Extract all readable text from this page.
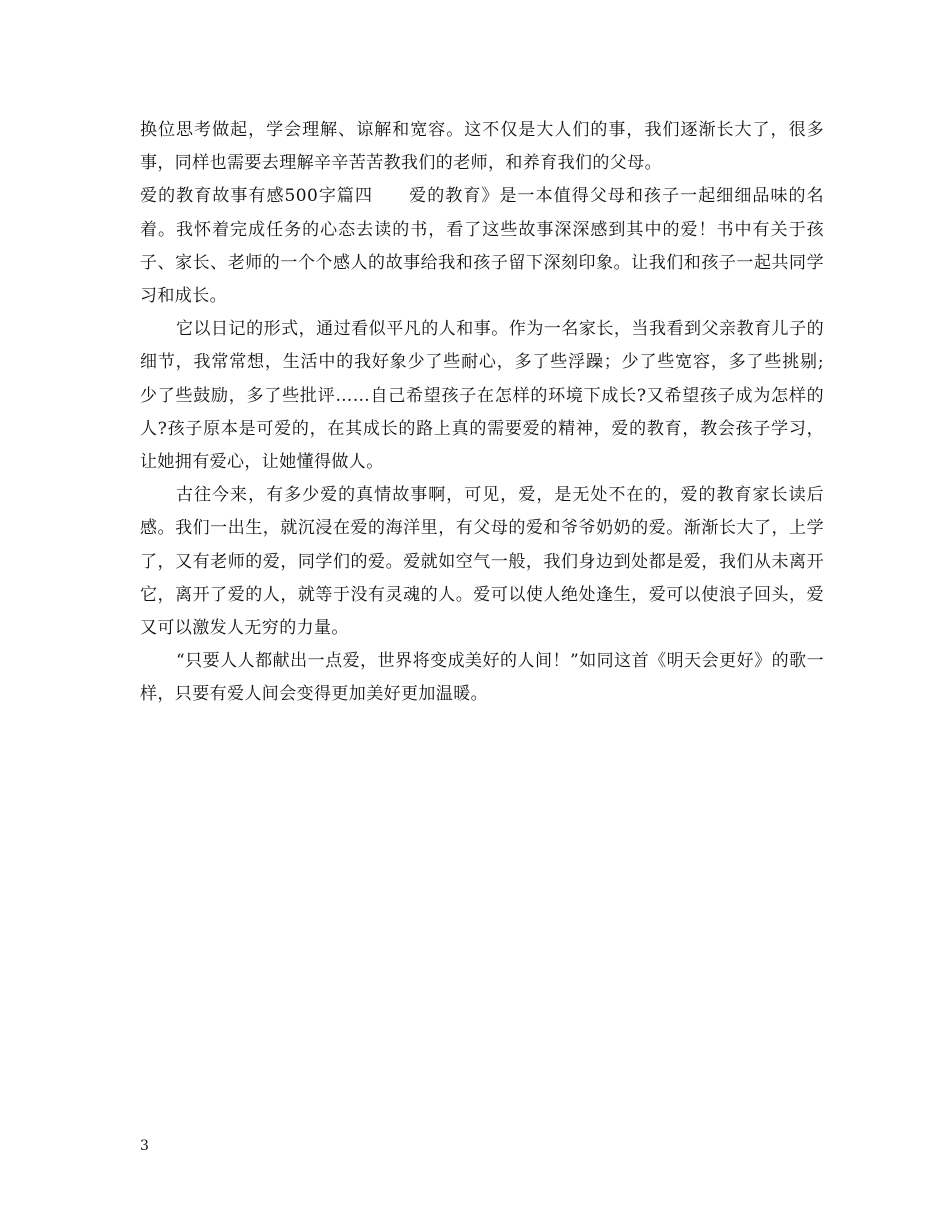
换位思考做起，学会理解、谅解和宽容。这不仅是大人们的事，我们逐渐长大了，很多事，同样也需要去理解辛辛苦苦教我们的老师，和养育我们的父母。

爱的教育故事有感500字篇四　　爱的教育》是一本值得父母和孩子一起细细品味的名着。我怀着完成任务的心态去读的书，看了这些故事深深感到其中的爱！书中有关于孩子、家长、老师的一个个感人的故事给我和孩子留下深刻印象。让我们和孩子一起共同学习和成长。

它以日记的形式，通过看似平凡的人和事。作为一名家长，当我看到父亲教育儿子的细节，我常常想，生活中的我好象少了些耐心，多了些浮躁；少了些宽容，多了些挑剔;少了些鼓励，多了些批评……自己希望孩子在怎样的环境下成长?又希望孩子成为怎样的人?孩子原本是可爱的，在其成长的路上真的需要爱的精神，爱的教育，教会孩子学习，让她拥有爱心，让她懂得做人。

古往今来，有多少爱的真情故事啊，可见，爱，是无处不在的，爱的教育家长读后感。我们一出生，就沉浸在爱的海洋里，有父母的爱和爷爷奶奶的爱。渐渐长大了，上学了，又有老师的爱，同学们的爱。爱就如空气一般，我们身边到处都是爱，我们从未离开它，离开了爱的人，就等于没有灵魂的人。爱可以使人绝处逢生，爱可以使浪子回头，爱又可以激发人无穷的力量。

“只要人人都献出一点爱，世界将变成美好的人间！”如同这首《明天会更好》的歌一样，只要有爱人间会变得更加美好更加温暖。

3
